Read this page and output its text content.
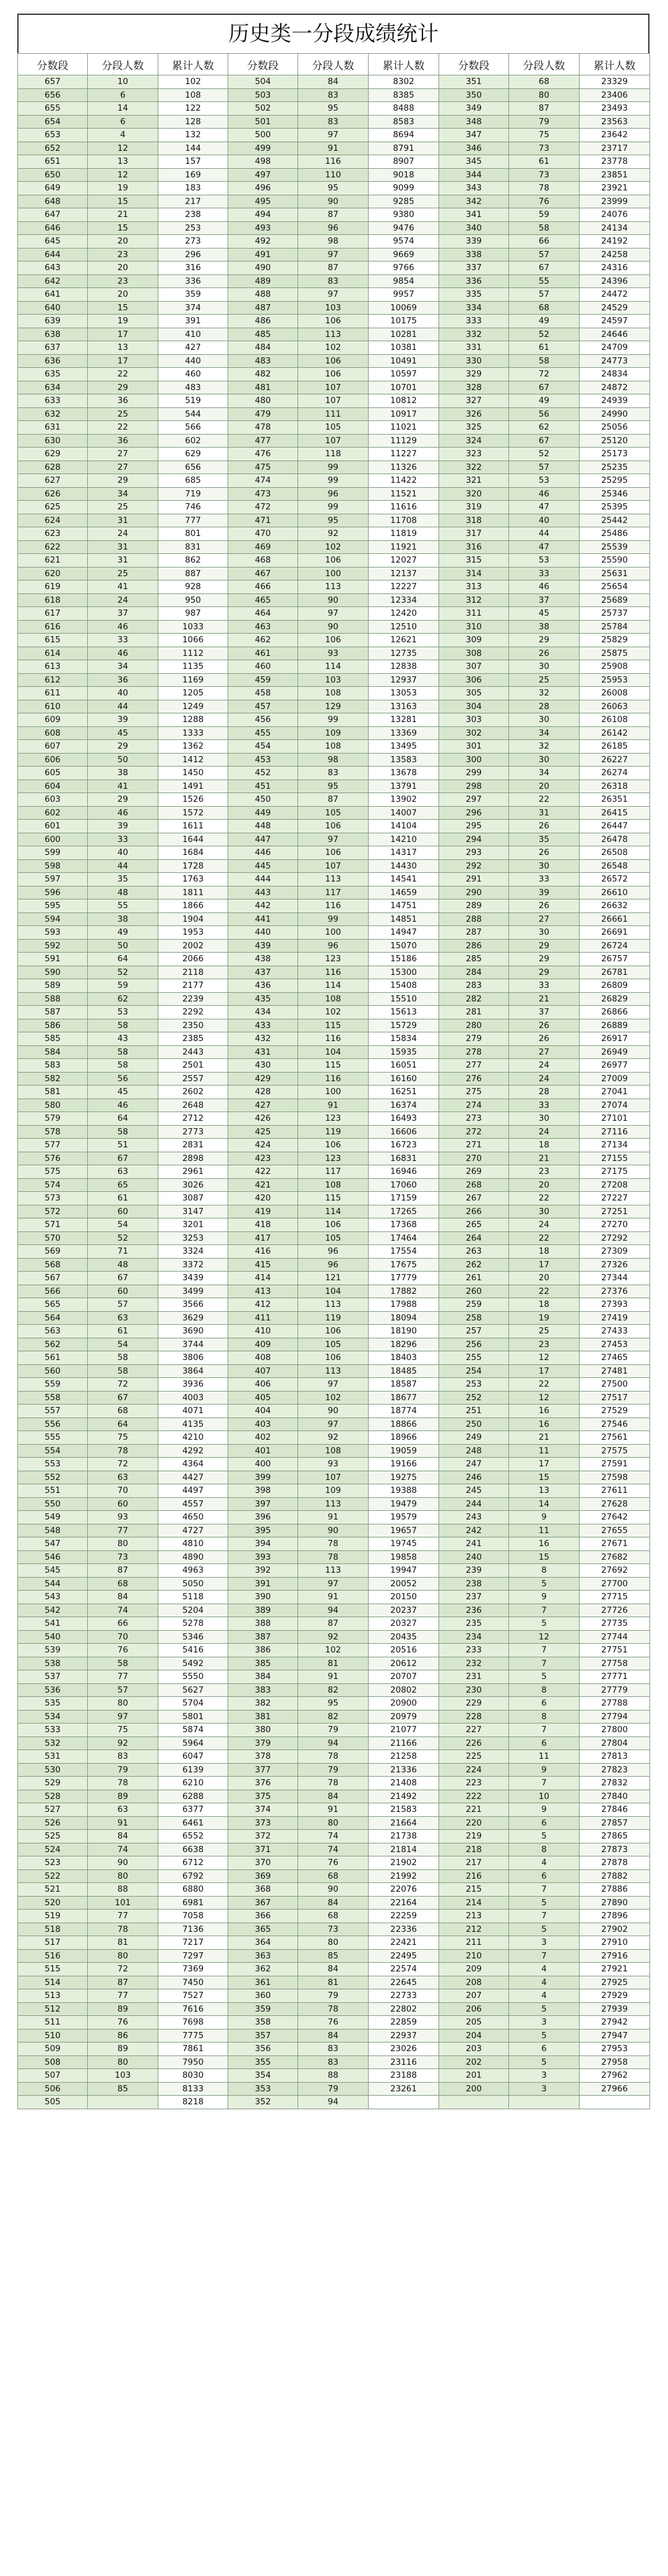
历史类一分段成绩统计
分数段	分段人数	累计人数	分数段	分段人数	累计人数	分数段	分段人数	累计人数
657	10	102	504	84	8302	351	68	23329
656	6	108	503	83	8385	350	80	23406
655	14	122	502	95	8488	349	87	23493
654	6	128	501	83	8583	348	79	23563
653	4	132	500	97	8694	347	75	23642
652	12	144	499	91	8791	346	73	23717
651	13	157	498	116	8907	345	61	23778
650	12	169	497	110	9018	344	73	23851
649	19	183	496	95	9099	343	78	23921
648	15	217	495	90	9285	342	76	23999
647	21	238	494	87	9380	341	59	24076
646	15	253	493	96	9476	340	58	24134
645	20	273	492	98	9574	339	66	24192
644	23	296	491	97	9669	338	57	24258
643	20	316	490	87	9766	337	67	24316
642	23	336	489	83	9854	336	55	24396
641	20	359	488	97	9957	335	57	24472
640	15	374	487	103	10069	334	68	24529
639	19	391	486	106	10175	333	49	24597
638	17	410	485	113	10281	332	52	24646
637	13	427	484	102	10381	331	61	24709
636	17	440	483	106	10491	330	58	24773
635	22	460	482	106	10597	329	72	24834
634	29	483	481	107	10701	328	67	24872
633	36	519	480	107	10812	327	49	24939
632	25	544	479	111	10917	326	56	24990
631	22	566	478	105	11021	325	62	25056
630	36	602	477	107	11129	324	67	25120
629	27	629	476	118	11227	323	52	25173
628	27	656	475	99	11326	322	57	25235
627	29	685	474	99	11422	321	53	25295
626	34	719	473	96	11521	320	46	25346
625	25	746	472	99	11616	319	47	25395
624	31	777	471	95	11708	318	40	25442
623	24	801	470	92	11819	317	44	25486
622	31	831	469	102	11921	316	47	25539
621	31	862	468	106	12027	315	53	25590
620	25	887	467	100	12137	314	33	25631
619	41	928	466	113	12227	313	46	25654
618	24	950	465	90	12334	312	37	25689
617	37	987	464	97	12420	311	45	25737
616	46	1033	463	90	12510	310	38	25784
615	33	1066	462	106	12621	309	29	25829
614	46	1112	461	93	12735	308	26	25875
613	34	1135	460	114	12838	307	30	25908
612	36	1169	459	103	12937	306	25	25953
611	40	1205	458	108	13053	305	32	26008
610	44	1249	457	129	13163	304	28	26063
609	39	1288	456	99	13281	303	30	26108
608	45	1333	455	109	13369	302	34	26142
607	29	1362	454	108	13495	301	32	26185
606	50	1412	453	98	13583	300	30	26227
605	38	1450	452	83	13678	299	34	26274
604	41	1491	451	95	13791	298	20	26318
603	29	1526	450	87	13902	297	22	26351
602	46	1572	449	105	14007	296	31	26415
601	39	1611	448	106	14104	295	26	26447
600	33	1644	447	97	14210	294	35	26478
599	40	1684	446	106	14317	293	26	26508
598	44	1728	445	107	14430	292	30	26548
597	35	1763	444	113	14541	291	33	26572
596	48	1811	443	117	14659	290	39	26610
595	55	1866	442	116	14751	289	26	26632
594	38	1904	441	99	14851	288	27	26661
593	49	1953	440	100	14947	287	30	26691
592	50	2002	439	96	15070	286	29	26724
591	64	2066	438	123	15186	285	29	26757
590	52	2118	437	116	15300	284	29	26781
589	59	2177	436	114	15408	283	33	26809
588	62	2239	435	108	15510	282	21	26829
587	53	2292	434	102	15613	281	37	26866
586	58	2350	433	115	15729	280	26	26889
585	43	2385	432	116	15834	279	26	26917
584	58	2443	431	104	15935	278	27	26949
583	58	2501	430	115	16051	277	24	26977
582	56	2557	429	116	16160	276	24	27009
581	45	2602	428	100	16251	275	28	27041
580	46	2648	427	91	16374	274	33	27074
579	64	2712	426	123	16493	273	30	27101
578	58	2773	425	119	16606	272	24	27116
577	51	2831	424	106	16723	271	18	27134
576	67	2898	423	123	16831	270	21	27155
575	63	2961	422	117	16946	269	23	27175
574	65	3026	421	108	17060	268	20	27208
573	61	3087	420	115	17159	267	22	27227
572	60	3147	419	114	17265	266	30	27251
571	54	3201	418	106	17368	265	24	27270
570	52	3253	417	105	17464	264	22	27292
569	71	3324	416	96	17554	263	18	27309
568	48	3372	415	96	17675	262	17	27326
567	67	3439	414	121	17779	261	20	27344
566	60	3499	413	104	17882	260	22	27376
565	57	3566	412	113	17988	259	18	27393
564	63	3629	411	119	18094	258	19	27419
563	61	3690	410	106	18190	257	25	27433
562	54	3744	409	105	18296	256	23	27453
561	58	3806	408	106	18403	255	12	27465
560	58	3864	407	113	18485	254	17	27481
559	72	3936	406	97	18587	253	22	27500
558	67	4003	405	102	18677	252	12	27517
557	68	4071	404	90	18774	251	16	27529
556	64	4135	403	97	18866	250	16	27546
555	75	4210	402	92	18966	249	21	27561
554	78	4292	401	108	19059	248	11	27575
553	72	4364	400	93	19166	247	17	27591
552	63	4427	399	107	19275	246	15	27598
551	70	4497	398	109	19388	245	13	27611
550	60	4557	397	113	19479	244	14	27628
549	93	4650	396	91	19579	243	9	27642
548	77	4727	395	90	19657	242	11	27655
547	80	4810	394	78	19745	241	16	27671
546	73	4890	393	78	19858	240	15	27682
545	87	4963	392	113	19947	239	8	27692
544	68	5050	391	97	20052	238	5	27700
543	84	5118	390	91	20150	237	9	27715
542	74	5204	389	94	20237	236	7	27726
541	66	5278	388	87	20327	235	5	27735
540	70	5346	387	92	20435	234	12	27744
539	76	5416	386	102	20516	233	7	27751
538	58	5492	385	81	20612	232	7	27758
537	77	5550	384	91	20707	231	5	27771
536	57	5627	383	82	20802	230	8	27779
535	80	5704	382	95	20900	229	6	27788
534	97	5801	381	82	20979	228	8	27794
533	75	5874	380	79	21077	227	7	27800
532	92	5964	379	94	21166	226	6	27804
531	83	6047	378	78	21258	225	11	27813
530	79	6139	377	79	21336	224	9	27823
529	78	6210	376	78	21408	223	7	27832
528	89	6288	375	84	21492	222	10	27840
527	63	6377	374	91	21583	221	9	27846
526	91	6461	373	80	21664	220	6	27857
525	84	6552	372	74	21738	219	5	27865
524	74	6638	371	74	21814	218	8	27873
523	90	6712	370	76	21902	217	4	27878
522	80	6792	369	68	21992	216	6	27882
521	88	6880	368	90	22076	215	7	27886
520	101	6981	367	84	22164	214	5	27890
519	77	7058	366	68	22259	213	7	27896
518	78	7136	365	73	22336	212	5	27902
517	81	7217	364	80	22421	211	3	27910
516	80	7297	363	85	22495	210	7	27916
515	72	7369	362	84	22574	209	4	27921
514	87	7450	361	81	22645	208	4	27925
513	77	7527	360	79	22733	207	4	27929
512	89	7616	359	78	22802	206	5	27939
511	76	7698	358	76	22859	205	3	27942
510	86	7775	357	84	22937	204	5	27947
509	89	7861	356	83	23026	203	6	27953
508	80	7950	355	83	23116	202	5	27958
507	103	8030	354	88	23188	201	3	27962
506	85	8133	353	79	23261	200	3	27966
505		8218	352	94				
